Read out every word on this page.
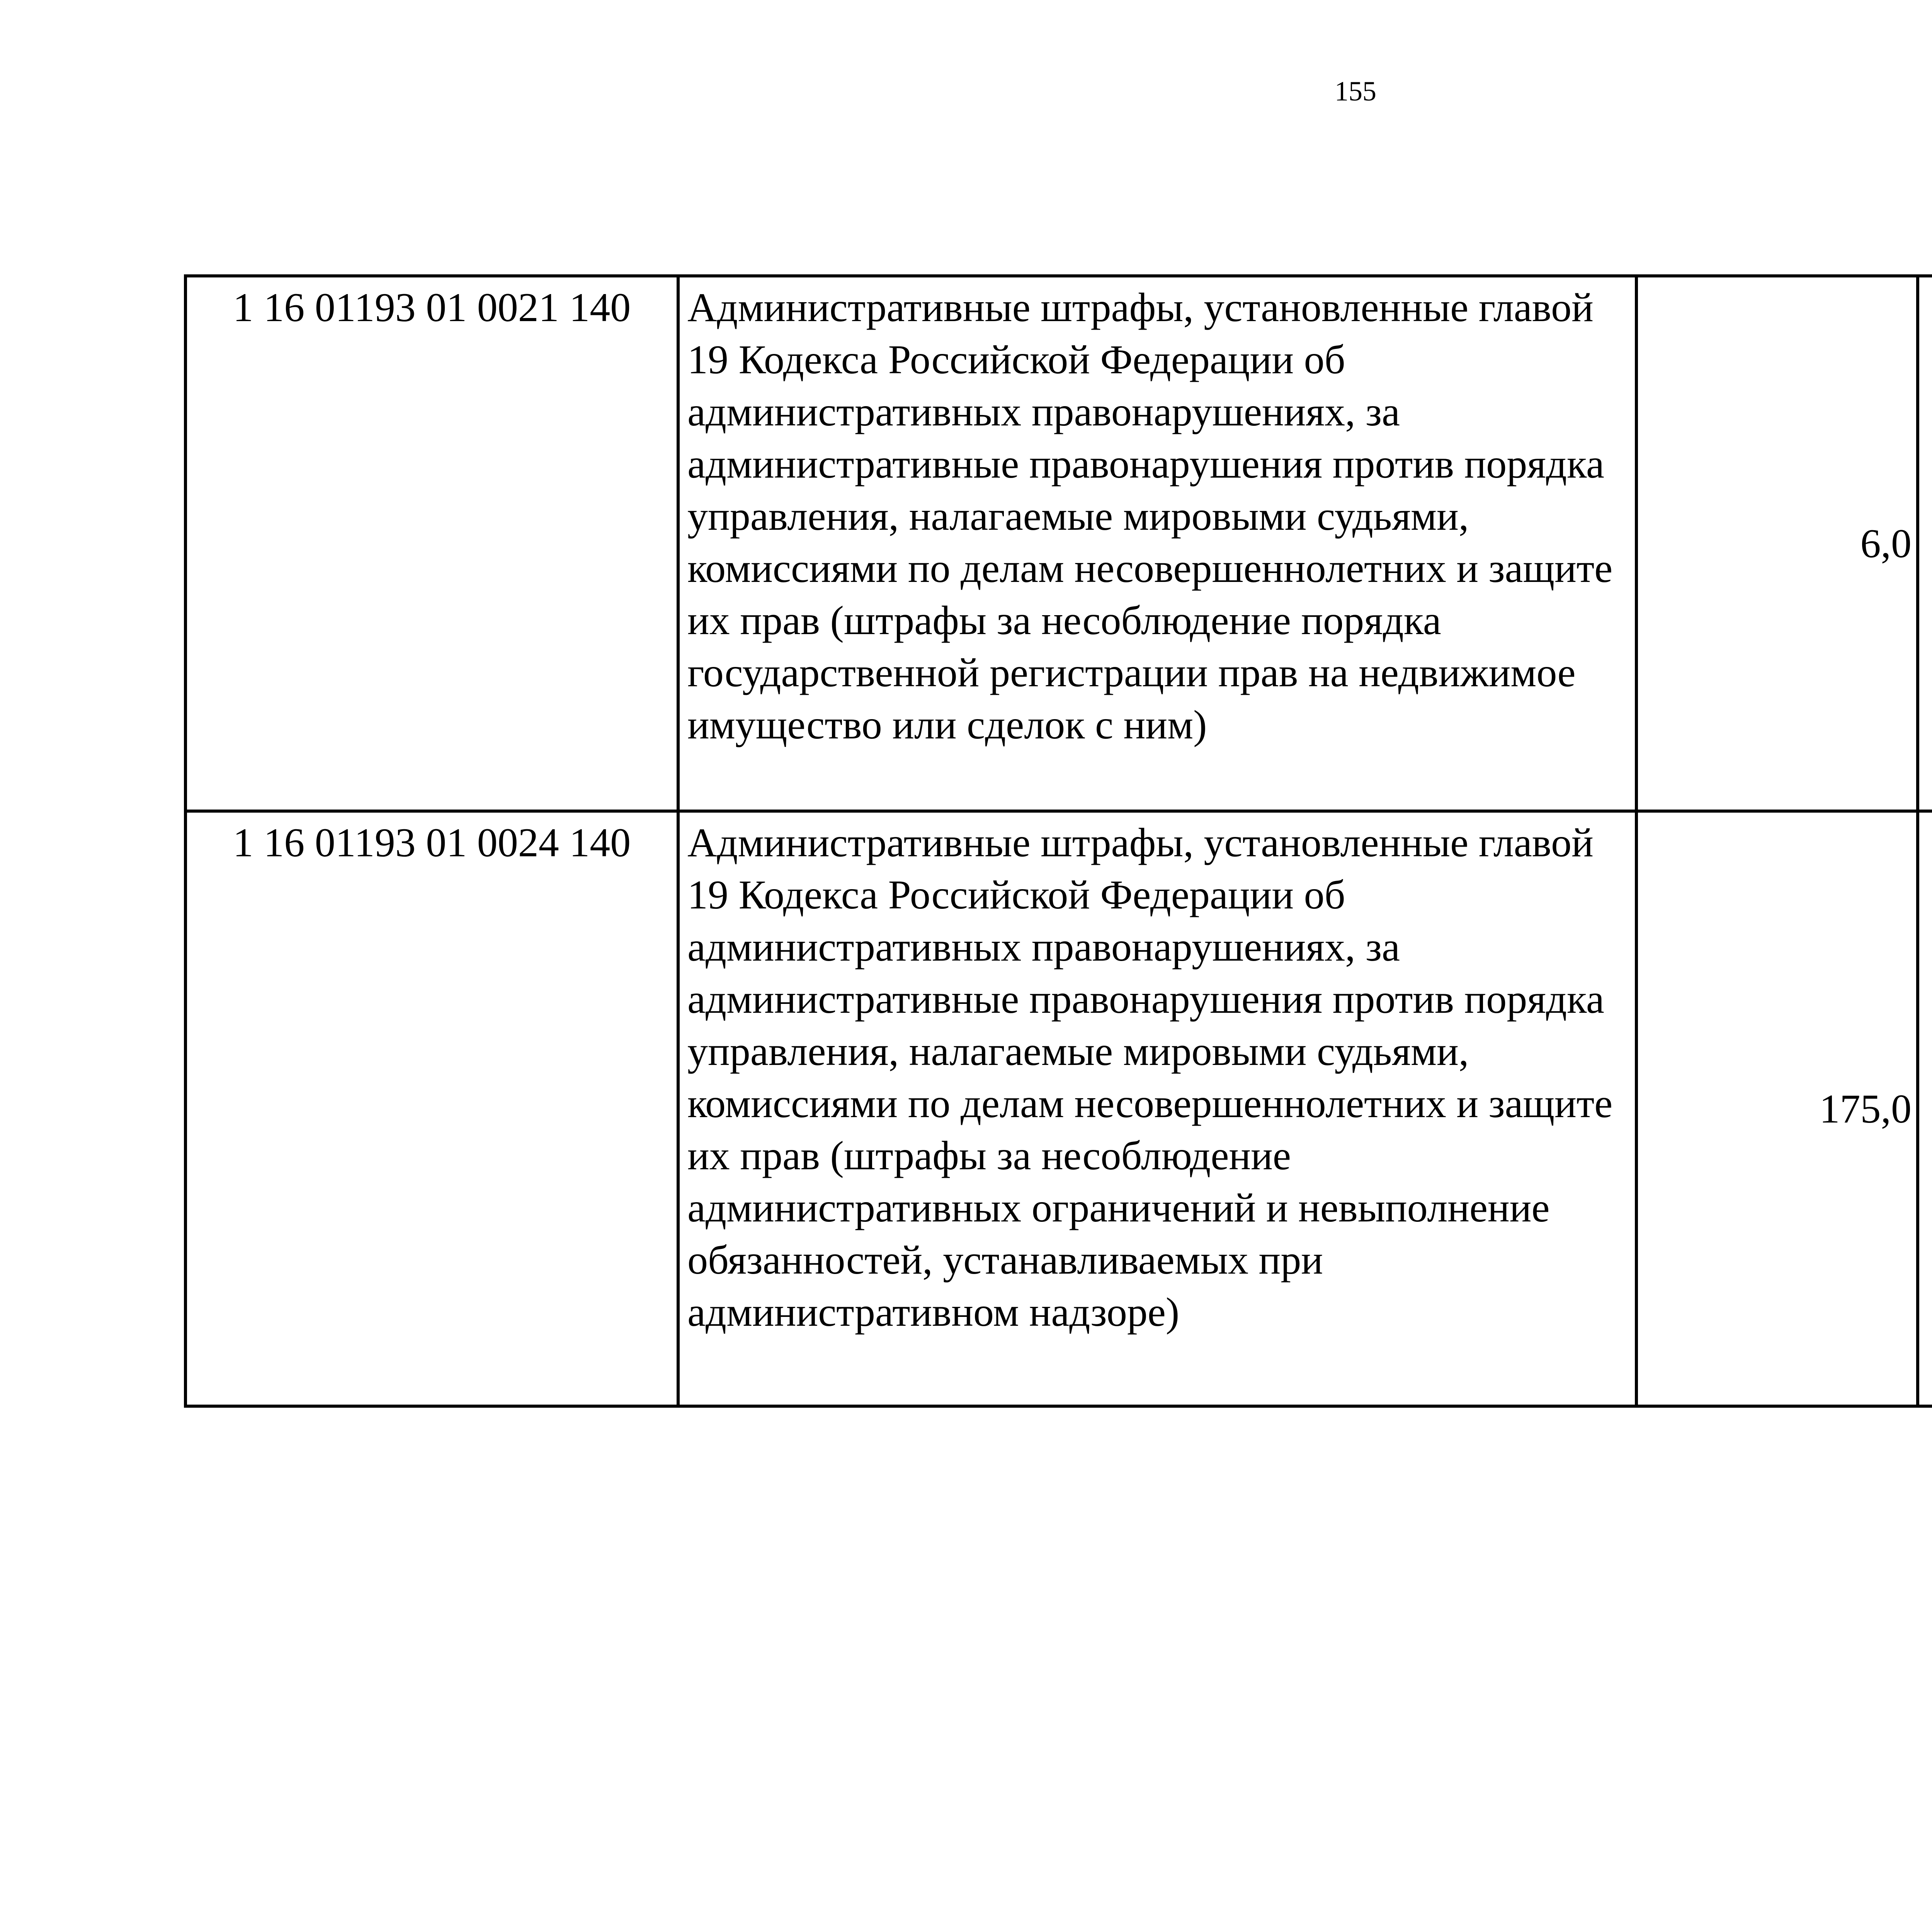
155
1 16 01193 01 0021 140	Административные штрафы, установленные главой 19 Кодекса Российской Федерации об административных правонарушениях, за административные правонарушения против порядка управления, налагаемые мировыми судьями, комиссиями по делам несовершеннолетних и защите их прав (штрафы за несоблюдение порядка государственной регистрации прав на недвижимое имущество или сделок с ним)	6,0		
1 16 01193 01 0024 140	Административные штрафы, установленные главой 19 Кодекса Российской Федерации об административных правонарушениях, за административные правонарушения против порядка управления, налагаемые мировыми судьями, комиссиями по делам несовершеннолетних и защите их прав (штрафы за несоблюдение административных ограничений и невыполнение обязанностей, устанавливаемых при административном надзоре)	175,0		
